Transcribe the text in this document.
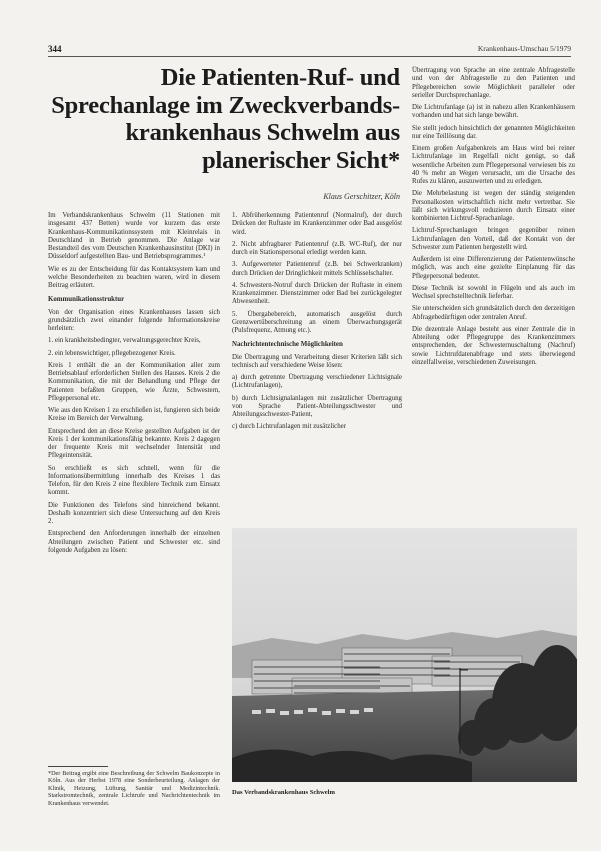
344	Krankenhaus-Umschau 5/1979
Die Patienten-Ruf- und Sprechanlage im Zweckverbands-krankenhaus Schwelm aus planerischer Sicht*
Klaus Gerschitzer, Köln

Im Verbandskrankenhaus Schwelm (11 Stationen mit insgesamt 437 Betten) wurde vor kurzem das erste Krankenhaus-Kommunikationssystem mit Kleinrelais in Deutschland in Betrieb genommen. Die Anlage war Bestandteil des vom Deutschen Krankenhausinstitut (DKI) in Düsseldorf aufgestellten Bau- und Betriebsprogrammes.¹

Wie es zu der Entscheidung für das Kontaktsystem kam und welche Besonderheiten zu beachten waren, wird in diesem Beitrag erläutert.

Kommunikationsstruktur

Von der Organisation eines Krankenhauses lassen sich grundsätzlich zwei einander folgende Informationskreise herleiten:

1. ein krankheitsbedingter, verwaltungsgerechter Kreis,

2. ein lebenswichtiger, pflegebezogener Kreis.

Kreis 1 enthält die an der Kommunikation aller zum Betriebsablauf erforderlichen Stellen des Hauses. Kreis 2 die Kommunikation, die mit der Behandlung und Pflege der Patienten befaßten Gruppen, wie Ärzte, Schwestern, Pflegepersonal etc.

Wie aus den Kreisen 1 zu erschließen ist, fungieren sich beide Kreise im Bereich der Verwaltung.

Entsprechend den an diese Kreise gestellten Aufgaben ist der Kreis 1 der kommunikationsfähig bekannte. Kreis 2 dagegen der frequente Kreis mit wechselnder Intensität und Pflegeintensität.

So erschließt es sich schnell, wenn für die Informationsübermittlung innerhalb des Kreises 1 das Telefon, für den Kreis 2 eine flexiblere Technik zum Einsatz kommt.

Die Funktionen des Telefons sind hinreichend bekannt. Deshalb konzentriert sich diese Untersuchung auf den Kreis 2.

Entsprechend den Anforderungen innerhalb der einzelnen Abteilungen zwischen Patient und Schwester etc. sind folgende Aufgaben zu lösen:

*Der Beitrag ergibt eine Beschreibung der Schwelm Baukonzepte in Köln. Aus der Herbst 1978 eine Sonderbeurteilung. Anlagen der Klinik, Heizung, Lüftung, Sanitär und Medizintechnik. Starkstromtechnik, zentrale Lichtrufe und Nachrichtentechnik im Krankenhaus verwendet.

1. Abfrüherkennung Patientenruf (Normalruf), der durch Drücken der Ruftaste im Krankenzimmer oder Bad ausgelöst wird.

2. Nicht abfragbarer Patientenruf (z.B. WC-Ruf), der nur durch ein Stationspersonal erledigt werden kann.

3. Aufgewerteter Patientenruf (z.B. bei Schwerkranken) durch Drücken der Dringlichkeit mittels Schlüsselschalter.

4. Schwestern-Notruf durch Drücken der Ruftaste in einem Krankenzimmer. Dienstzimmer oder Bad bei zurückgelegter Abwesenheit.

5. Übergabebereich, automatisch ausgelöst durch Grenzwertüberschreitung an einem Überwachungsgerät (Pulsfrequenz, Atmung etc.).

Nachrichtentechnische Möglichkeiten

Die Übertragung und Verarbeitung dieser Kriterien läßt sich technisch auf verschiedene Weise lösen:

a) durch getrennte Übertragung verschiedener Lichtsignale (Lichtrufanlagen),

b) durch Lichtsignalanlagen mit zusätzlicher Übertragung von Sprache Patient-Abteilungsschwester und Abteilungsschwester-Patient,

c) durch Lichtrufanlagen mit zusätzlicher

Übertragung von Sprache an eine zentrale Abfragestelle und von der Abfragestelle zu den Patienten und Pflegebereichen sowie Möglichkeit paralleler oder serieller Durchsprechanlage.

Die Lichtrufanlage (a) ist in nahezu allen Krankenhäusern vorhanden und hat sich lange bewährt.

Sie stellt jedoch hinsichtlich der genannten Möglichkeiten nur eine Teillösung dar.

Einem großen Aufgabenkreis am Haus wird bei reiner Lichtrufanlage im Regelfall nicht genügt, so daß wesentliche Arbeiten zum Pflegepersonal verwiesen bis zu 40 % mehr an Wegen verursacht, um die Ursache des Rufes zu klären, auszuwerten und zu erledigen.

Die Mehrbelastung ist wegen der ständig steigenden Personalkosten wirtschaftlich nicht mehr vertretbar. Sie läßt sich wirkungsvoll reduzieren durch Einsatz einer kombinierten Lichtruf-Sprachanlage.

Lichtruf-Sprechanlagen bringen gegenüber reinen Lichtrufanlagen den Vorteil, daß der Kontakt von der Schwester zum Patienten hergestellt wird.

Außerdem ist eine Differenzierung der Patientenwünsche möglich, was auch eine gezielte Einplanung für das Pflegepersonal bedeutet.

Diese Technik ist sowohl in Flügeln und als auch im Wechsel sprechstelltechnik lieferbar.

Sie unterscheiden sich grundsätzlich durch den derzeitigen Abfragebedürftigen oder zentralen Anruf.

Die dezentrale Anlage besteht aus einer Zentrale die in Abteilung oder Pflegegruppe des Krankenzimmers entsprechenden, der Schwesternuschaltung (Nachruf) sowie Lichtrufdatenabfrage und stets überwiegend einzelfallweise, verschiedenen Zuweisungen.

Das Verbandskrankenhaus Schwelm
